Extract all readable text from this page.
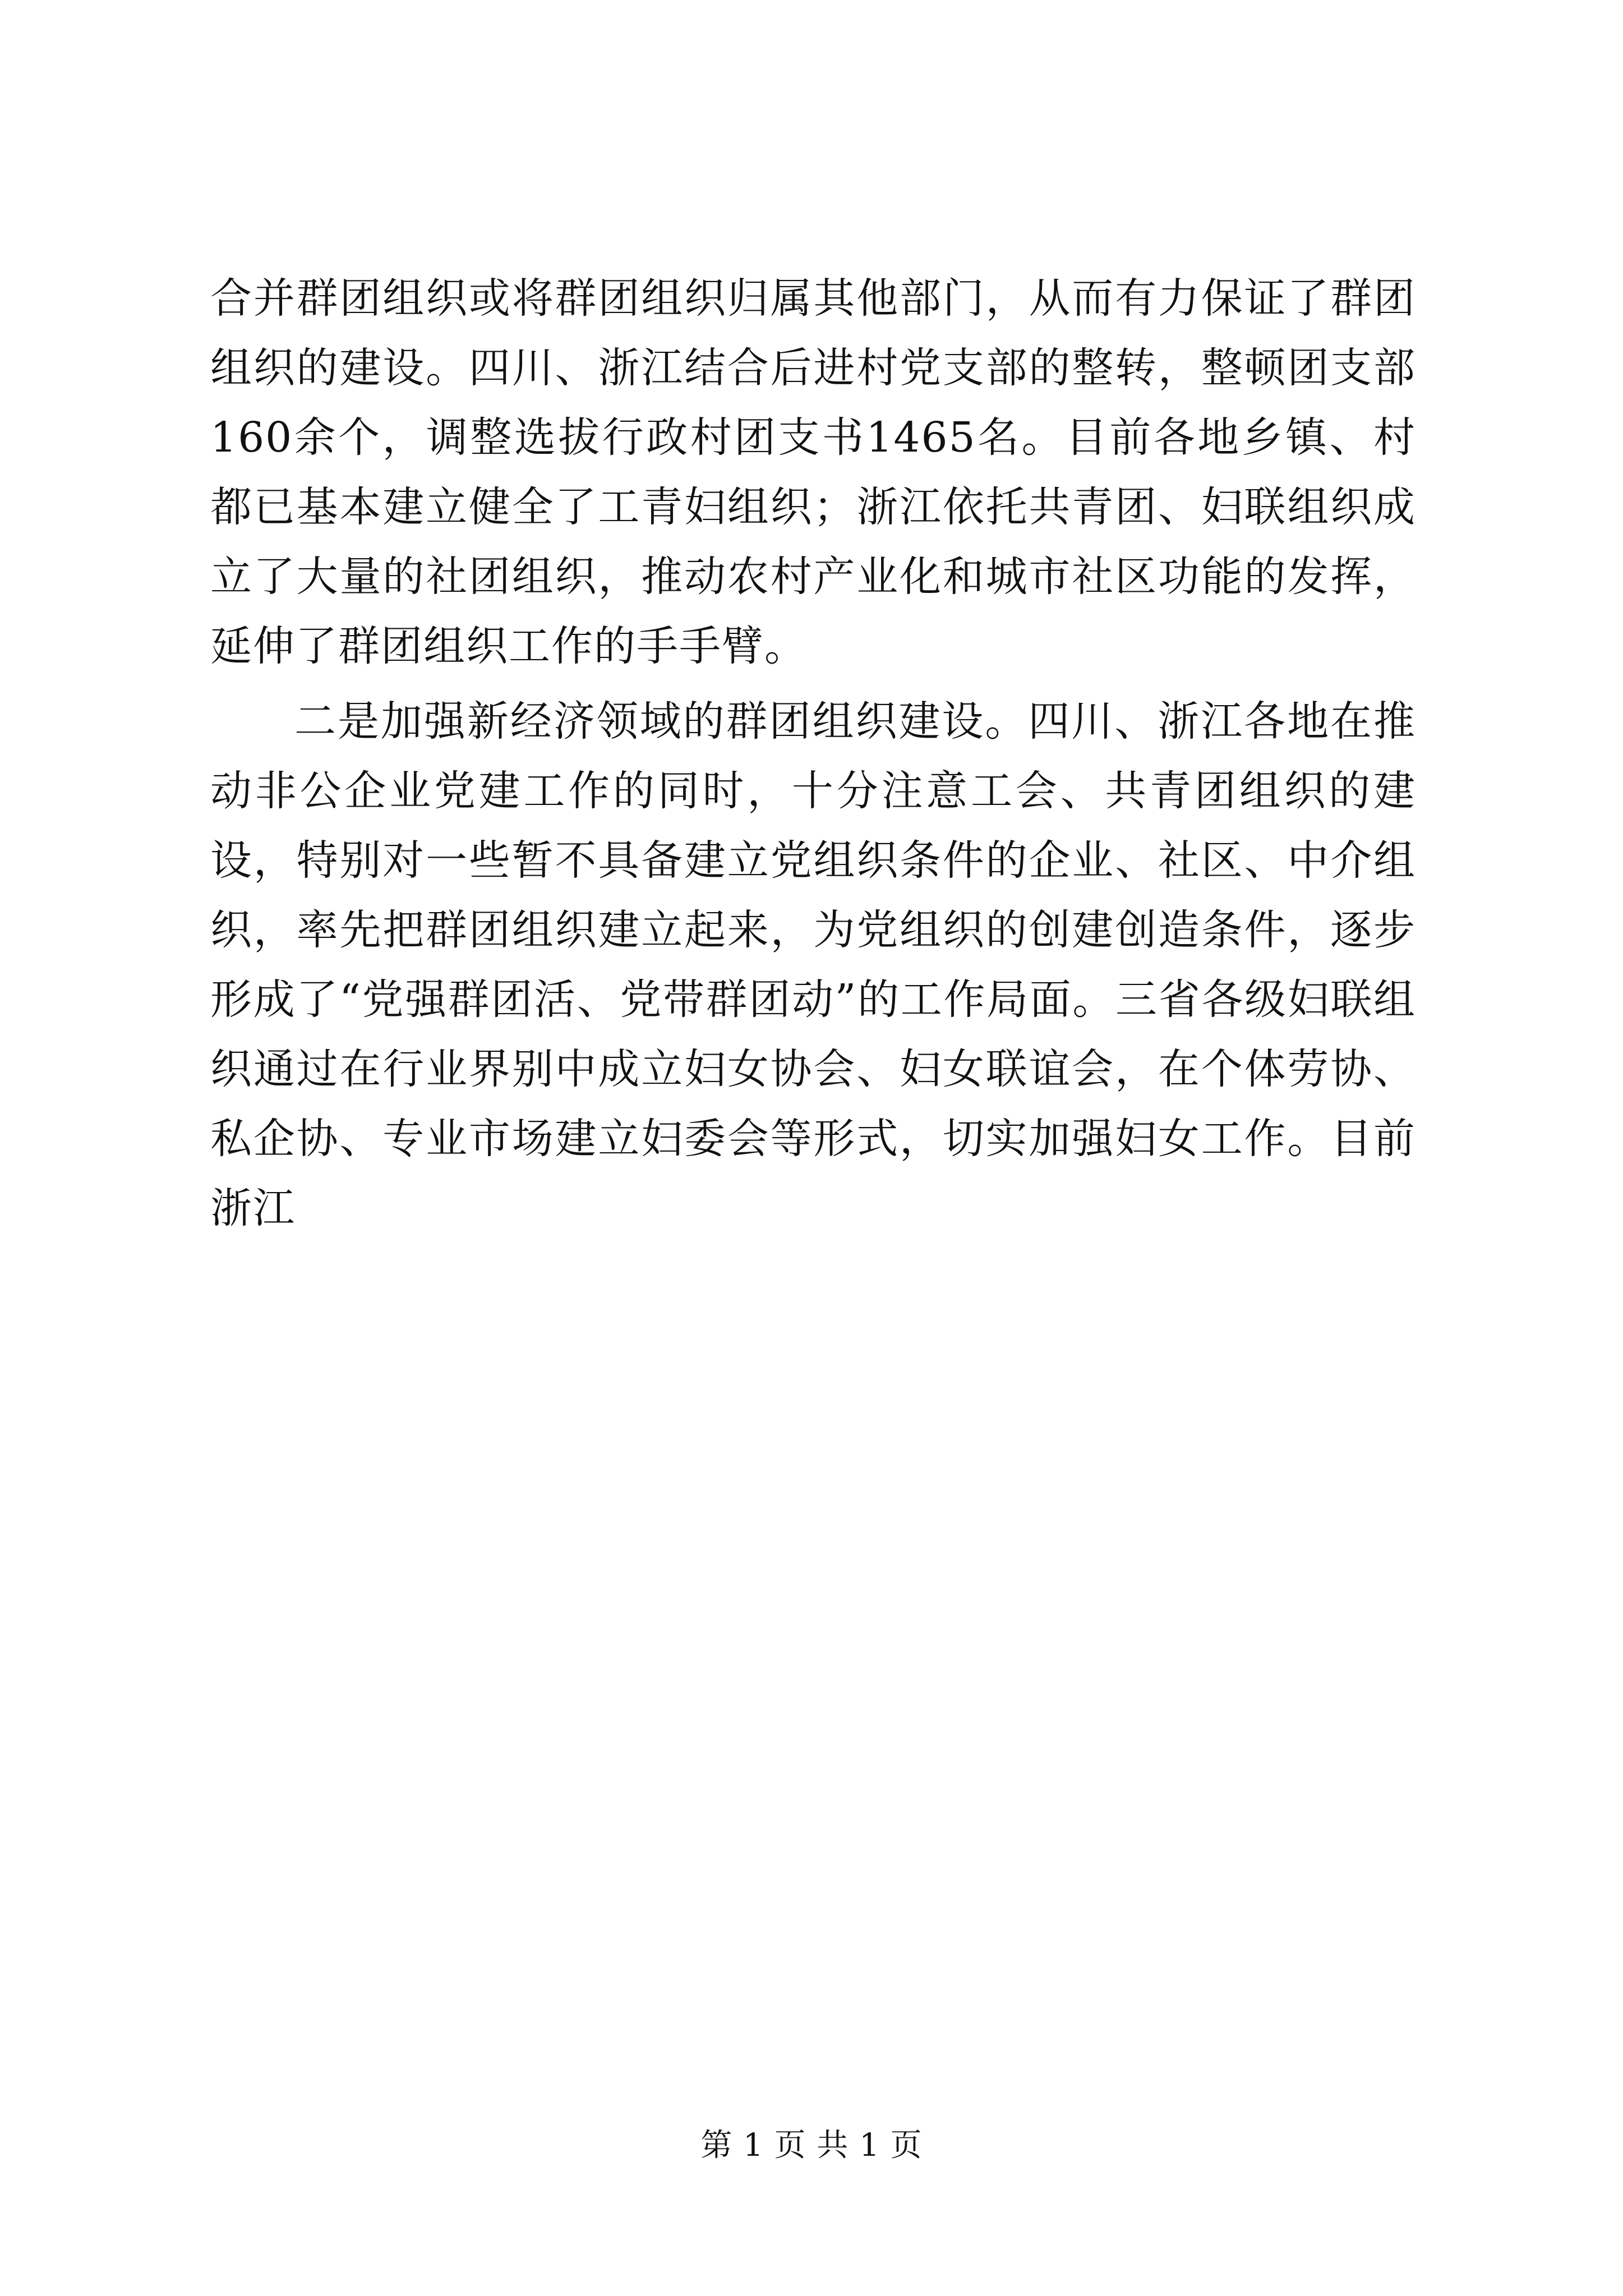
合并群团组织或将群团组织归属其他部门，从而有力保证了群团组织的建设。四川、浙江结合后进村党支部的整转，整顿团支部160余个，调整选拔行政村团支书1465名。目前各地乡镇、村都已基本建立健全了工青妇组织；浙江依托共青团、妇联组织成立了大量的社团组织，推动农村产业化和城市社区功能的发挥，延伸了群团组织工作的手手臂。

二是加强新经济领域的群团组织建设。四川、浙江各地在推动非公企业党建工作的同时，十分注意工会、共青团组织的建设，特别对一些暂不具备建立党组织条件的企业、社区、中介组织，率先把群团组织建立起来，为党组织的创建创造条件，逐步形成了“党强群团活、党带群团动”的工作局面。三省各级妇联组织通过在行业界别中成立妇女协会、妇女联谊会，在个体劳协、私企协、专业市场建立妇委会等形式，切实加强妇女工作。目前浙江

第 1 页 共 1 页
